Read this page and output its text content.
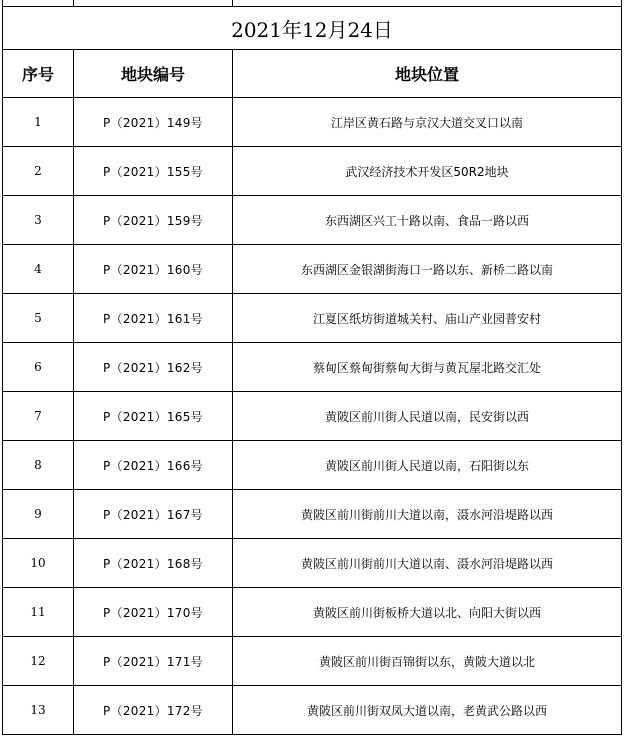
2021年12月24日		
序号	地块编号	地块位置
1	P（2021）149号	江岸区黄石路与京汉大道交叉口以南
2	P（2021）155号	武汉经济技术开发区50R2地块
3	P（2021）159号	东西湖区兴工十路以南、食品一路以西
4	P（2021）160号	东西湖区金银湖街海口一路以东、新桥二路以南
5	P（2021）161号	江夏区纸坊街道城关村、庙山产业园普安村
6	P（2021）162号	蔡甸区蔡甸街蔡甸大街与黄瓦屋北路交汇处
7	P（2021）165号	黄陂区前川街人民道以南，民安街以西
8	P（2021）166号	黄陂区前川街人民道以南，石阳街以东
9	P（2021）167号	黄陂区前川街前川大道以南，滠水河沿堤路以西
10	P（2021）168号	黄陂区前川街前川大道以南、滠水河沿堤路以西
11	P（2021）170号	黄陂区前川街板桥大道以北、向阳大街以西
12	P（2021）171号	黄陂区前川街百锦街以东，黄陂大道以北
13	P（2021）172号	黄陂区前川街双凤大道以南，老黄武公路以西
